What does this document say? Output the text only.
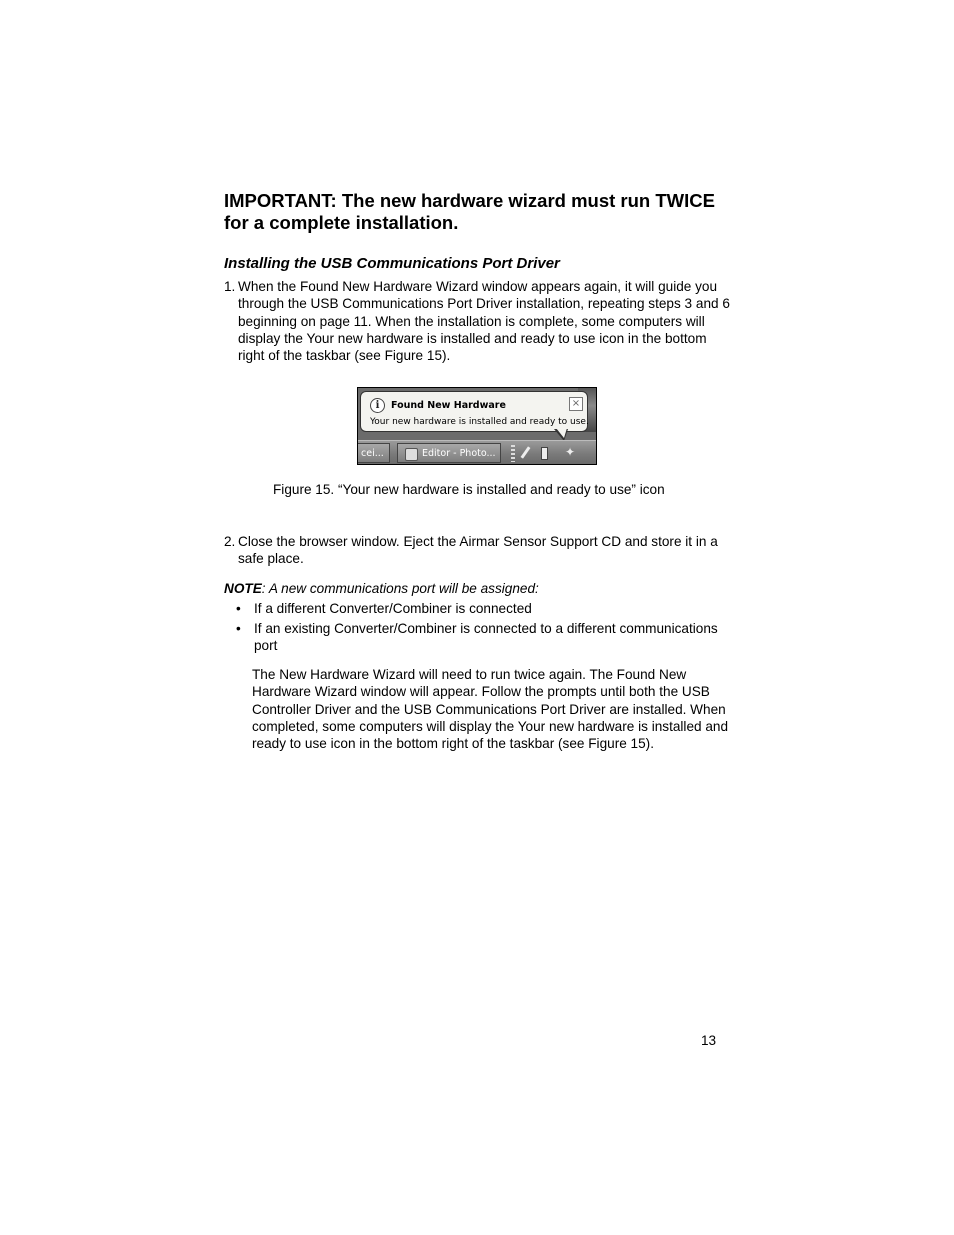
IMPORTANT: The new hardware wizard must run TWICE for a complete installation.
Installing the USB Communications Port Driver
1. When the Found New Hardware Wizard window appears again, it will guide you through the USB Communications Port Driver installation, repeating steps 3 and 6 beginning on page 11. When the installation is complete, some computers will display the Your new hardware is installed and ready to use icon in the bottom right of the taskbar (see Figure 15).
i	Found New Hardware	×
Your new hardware is installed and ready to use.
cei...	Editor - Photo...	✦
Figure 15. “Your new hardware is installed and ready to use” icon
2. Close the browser window. Eject the Airmar Sensor Support CD and store it in a safe place.
NOTE: A new communications port will be assigned:
• If a different Converter/Combiner is connected
• If an existing Converter/Combiner is connected to a different communications port
The New Hardware Wizard will need to run twice again. The Found New Hardware Wizard window will appear. Follow the prompts until both the USB Controller Driver and the USB Communications Port Driver are installed. When completed, some computers will display the Your new hardware is installed and ready to use icon in the bottom right of the taskbar (see Figure 15).
13
